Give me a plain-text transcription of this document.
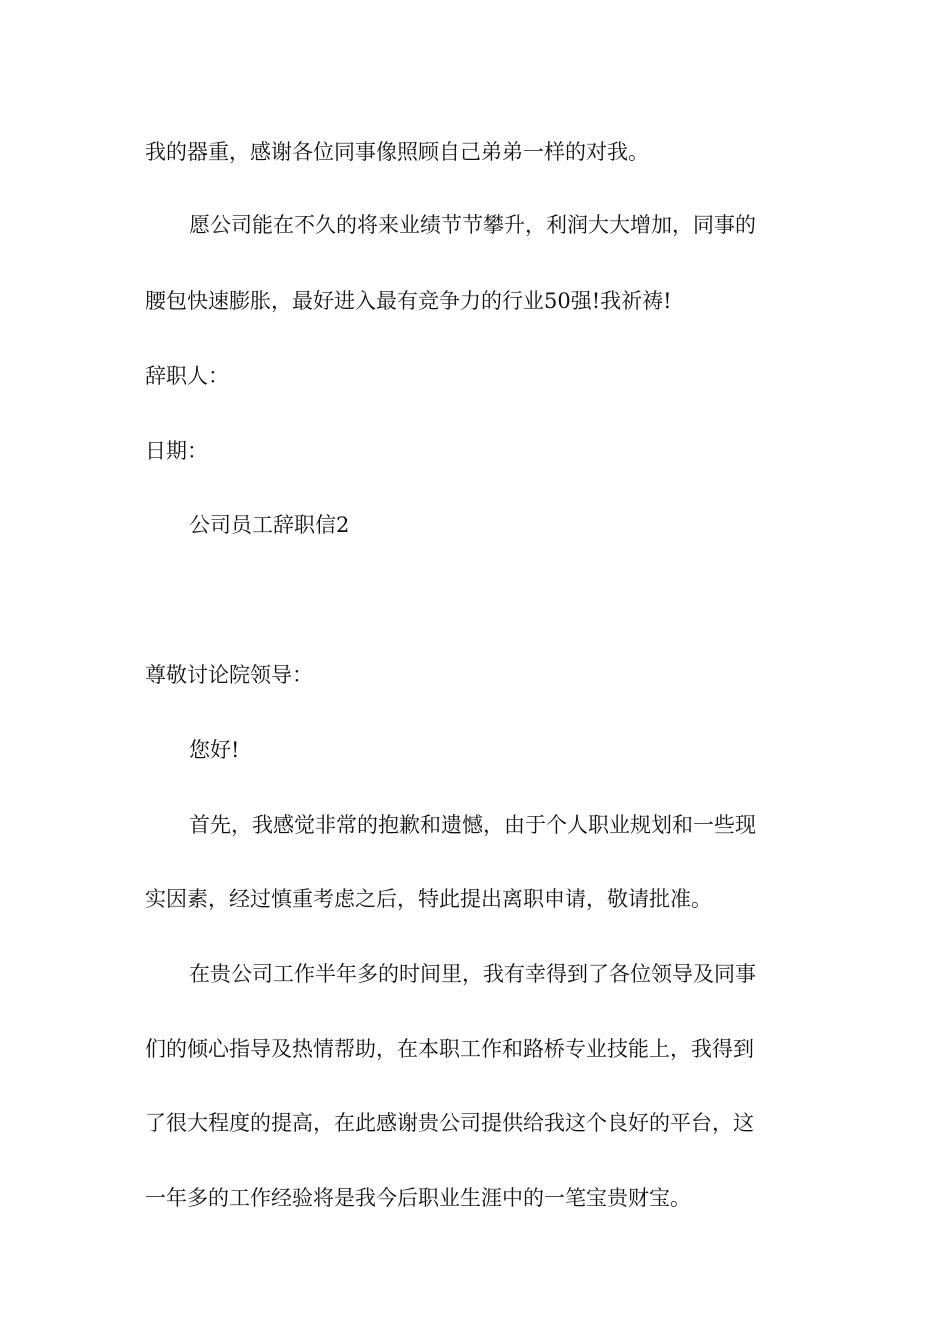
我的器重，感谢各位同事像照顾自己弟弟一样的对我。
愿公司能在不久的将来业绩节节攀升，利润大大增加，同事的
腰包快速膨胀，最好进入最有竞争力的行业50强!我祈祷!
辞职人：
日期：
公司员工辞职信2
尊敬讨论院领导：
您好!
首先，我感觉非常的抱歉和遗憾，由于个人职业规划和一些现
实因素，经过慎重考虑之后，特此提出离职申请，敬请批准。
在贵公司工作半年多的时间里，我有幸得到了各位领导及同事
们的倾心指导及热情帮助，在本职工作和路桥专业技能上，我得到
了很大程度的提高，在此感谢贵公司提供给我这个良好的平台，这
一年多的工作经验将是我今后职业生涯中的一笔宝贵财宝。
